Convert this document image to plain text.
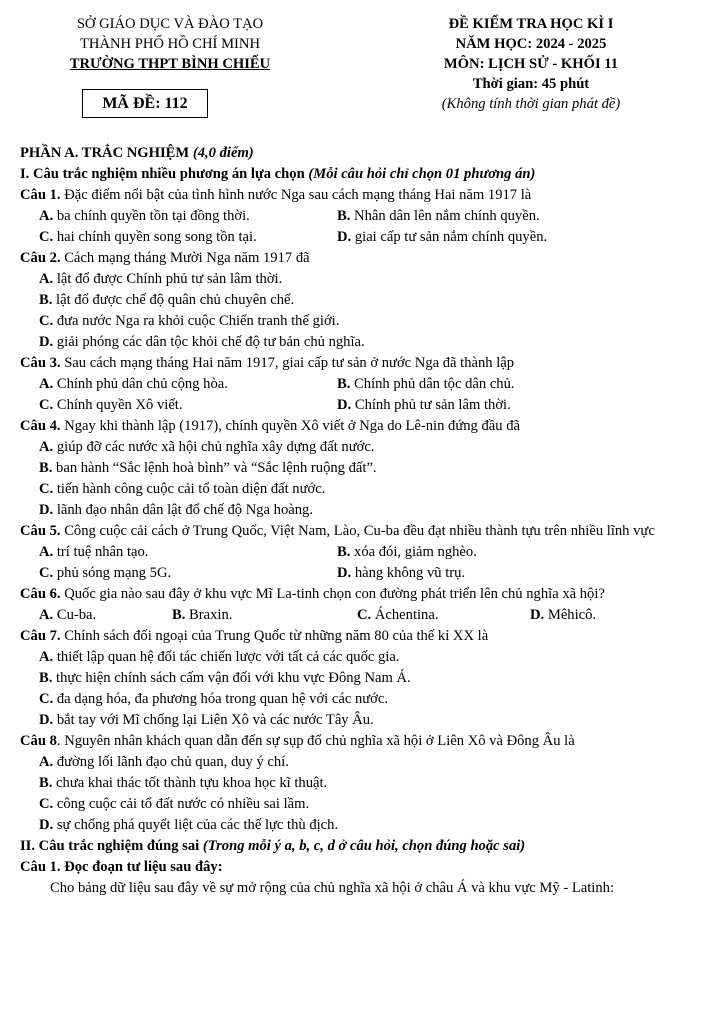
SỞ GIÁO DỤC VÀ ĐÀO TẠO
THÀNH PHỐ HỒ CHÍ MINH
TRƯỜNG THPT BÌNH CHIỂU
MÃ ĐỀ: 112
ĐỀ KIỂM TRA HỌC KÌ I
NĂM HỌC: 2024 - 2025
MÔN: LỊCH SỬ - KHỐI 11
Thời gian: 45 phút
(Không tính thời gian phát đề)
PHẦN A. TRẮC NGHIỆM (4,0 điểm)
I. Câu trắc nghiệm nhiều phương án lựa chọn (Mỗi câu hỏi chỉ chọn 01 phương án)
Câu 1. Đặc điểm nổi bật của tình hình nước Nga sau cách mạng tháng Hai năm 1917 là
A. ba chính quyền tồn tại đồng thời.	B. Nhân dân lên nắm chính quyền.
C. hai chính quyền song song tồn tại.	D. giai cấp tư sản nắm chính quyền.
Câu 2. Cách mạng tháng Mười Nga năm 1917 đã
A. lật đổ được Chính phủ tư sản lâm thời.
B. lật đổ được chế độ quân chủ chuyên chế.
C. đưa nước Nga ra khỏi cuộc Chiến tranh thế giới.
D. giải phóng các dân tộc khỏi chế độ tư bản chủ nghĩa.
Câu 3. Sau cách mạng tháng Hai năm 1917, giai cấp tư sản ở nước Nga đã thành lập
A. Chính phủ dân chủ cộng hòa.	B. Chính phủ dân tộc dân chủ.
C. Chính quyền Xô viết.	D. Chính phủ tư sản lâm thời.
Câu 4. Ngay khi thành lập (1917), chính quyền Xô viết ở Nga do Lê-nin đứng đầu đã
A. giúp đỡ các nước xã hội chủ nghĩa xây dựng đất nước.
B. ban hành “Sắc lệnh hoà bình” và “Sắc lệnh ruộng đất”.
C. tiến hành công cuộc cải tổ toàn diện đất nước.
D. lãnh đạo nhân dân lật đổ chế độ Nga hoàng.
Câu 5. Công cuộc cải cách ở Trung Quốc, Việt Nam, Lào, Cu-ba đều đạt nhiều thành tựu trên nhiều lĩnh vực
A. trí tuệ nhân tạo.	B. xóa đói, giảm nghèo.
C. phủ sóng mạng 5G.	D. hàng không vũ trụ.
Câu 6. Quốc gia nào sau đây ở khu vực Mĩ La-tinh chọn con đường phát triển lên chủ nghĩa xã hội?
A. Cu-ba.	B. Braxin.	C. Áchentina.	D. Mêhicô.
Câu 7. Chính sách đối ngoại của Trung Quốc từ những năm 80 của thế kỉ XX là
A. thiết lập quan hệ đối tác chiến lược với tất cả các quốc gia.
B. thực hiện chính sách cấm vận đối với khu vực Đông Nam Á.
C. đa dạng hóa, đa phương hóa trong quan hệ với các nước.
D. bắt tay với Mĩ chống lại Liên Xô và các nước Tây Âu.
Câu 8. Nguyên nhân khách quan dẫn đến sự sụp đổ chủ nghĩa xã hội ở Liên Xô và Đông Âu là
A. đường lối lãnh đạo chủ quan, duy ý chí.
B. chưa khai thác tốt thành tựu khoa học kĩ thuật.
C. công cuộc cải tổ đất nước có nhiều sai lầm.
D. sự chống phá quyết liệt của các thế lực thù địch.
II. Câu trắc nghiệm đúng sai (Trong mỗi ý a, b, c, d ở câu hỏi, chọn đúng hoặc sai)
Câu 1. Đọc đoạn tư liệu sau đây:
Cho bảng dữ liệu sau đây về sự mở rộng của chủ nghĩa xã hội ở châu Á và khu vực Mỹ - Latinh:
